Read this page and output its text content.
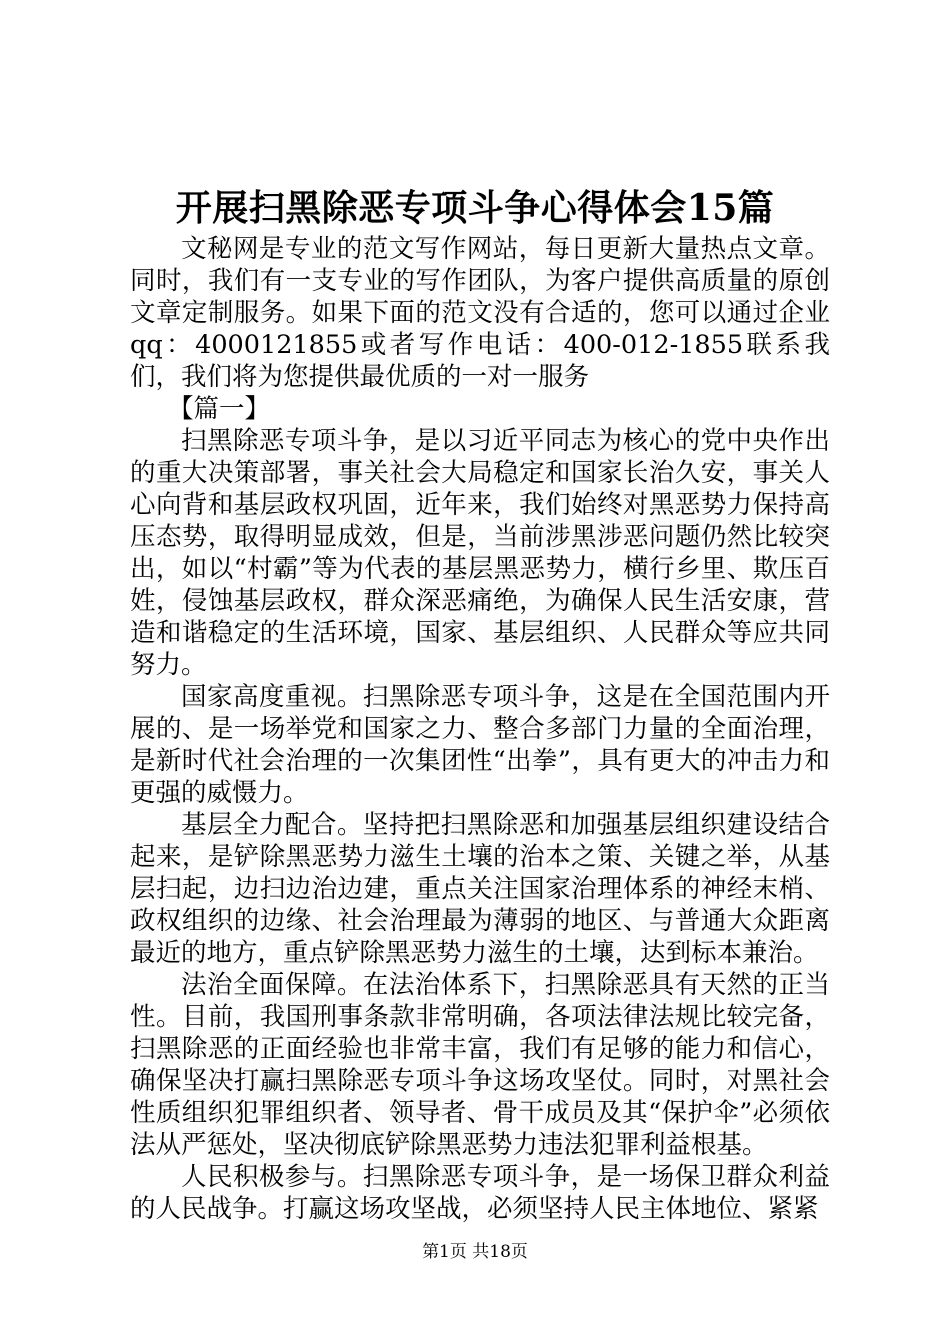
开展扫黑除恶专项斗争心得体会15篇

文秘网是专业的范文写作网站，每日更新大量热点文章。同时，我们有一支专业的写作团队，为客户提供高质量的原创文章定制服务。如果下面的范文没有合适的，您可以通过企业qq：4000121855或者写作电话：400-012-1855联系我们，我们将为您提供最优质的一对一服务

【篇一】

扫黑除恶专项斗争，是以习近平同志为核心的党中央作出的重大决策部署，事关社会大局稳定和国家长治久安，事关人心向背和基层政权巩固，近年来，我们始终对黑恶势力保持高压态势，取得明显成效，但是，当前涉黑涉恶问题仍然比较突出，如以“村霸”等为代表的基层黑恶势力，横行乡里、欺压百姓，侵蚀基层政权，群众深恶痛绝，为确保人民生活安康，营造和谐稳定的生活环境，国家、基层组织、人民群众等应共同努力。

国家高度重视。扫黑除恶专项斗争，这是在全国范围内开展的、是一场举党和国家之力、整合多部门力量的全面治理，是新时代社会治理的一次集团性“出拳”，具有更大的冲击力和更强的威慑力。

基层全力配合。坚持把扫黑除恶和加强基层组织建设结合起来，是铲除黑恶势力滋生土壤的治本之策、关键之举，从基层扫起，边扫边治边建，重点关注国家治理体系的神经末梢、政权组织的边缘、社会治理最为薄弱的地区、与普通大众距离最近的地方，重点铲除黑恶势力滋生的土壤，达到标本兼治。

法治全面保障。在法治体系下，扫黑除恶具有天然的正当性。目前，我国刑事条款非常明确，各项法律法规比较完备，扫黑除恶的正面经验也非常丰富，我们有足够的能力和信心，确保坚决打赢扫黑除恶专项斗争这场攻坚仗。同时，对黑社会性质组织犯罪组织者、领导者、骨干成员及其“保护伞”必须依法从严惩处，坚决彻底铲除黑恶势力违法犯罪利益根基。

人民积极参与。扫黑除恶专项斗争，是一场保卫群众利益的人民战争。打赢这场攻坚战，必须坚持人民主体地位、紧紧

第1页 共18页
